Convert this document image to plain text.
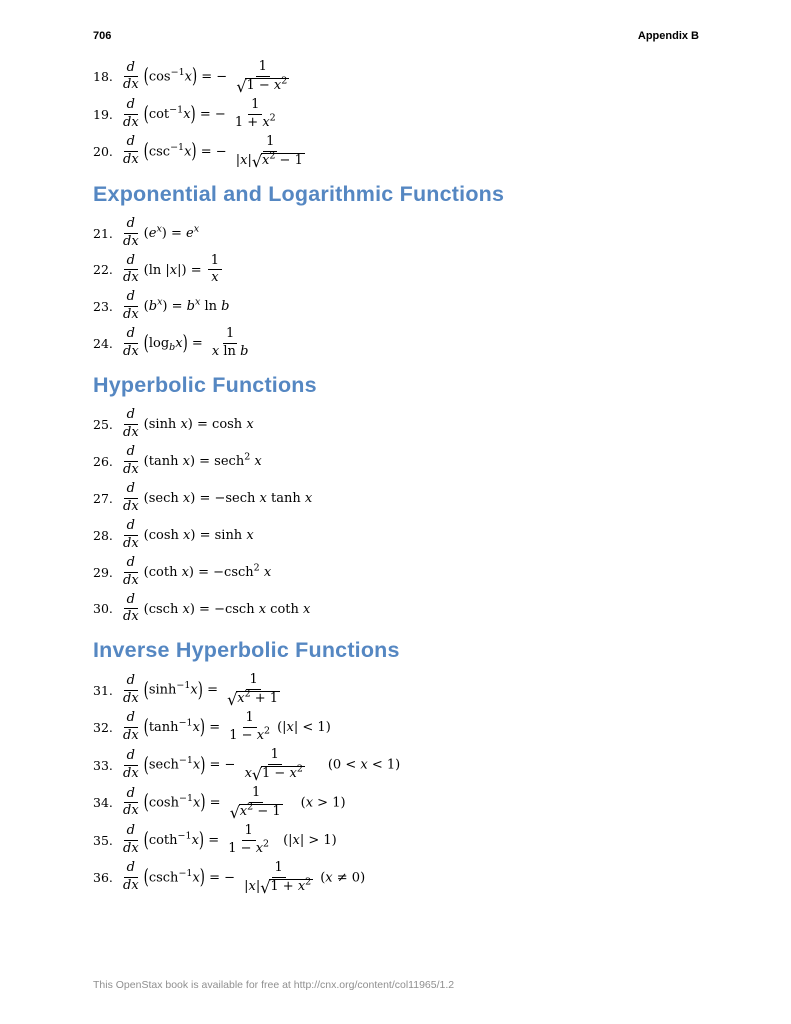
706	Appendix B
18. $\frac{d}{dx} (\cos^{-1}x)$ = − $\frac{1}{√1 - x^2}$
19. $\frac{d}{dx} (\cot^{-1}x)$ = − $\frac{1}{1 + x^2}$
20. $\frac{d}{dx} (\csc^{-1}x)$ = − $\frac{1}{|x|√x^2 - 1}$
Exponential and Logarithmic Functions
21. $\frac{d}{dx} (e^x) = e^x$
22. $\frac{d}{dx} (\ln$ $|x|) = \frac{1}{x}$
23. $\frac{d}{dx} (b^x) = b^x$ ln b
24. $\frac{d}{dx} (\log_bx) = \frac{1}{\text{x ln b}}$
Hyperbolic Functions
25. $\frac{d}{dx} (\sinh$ x) = cosh x
26. $\frac{d}{dx} (\tanh$ x) = sech$^2$ x
27. $\frac{d}{dx} (\sec h$ x) = −sech x tanh x
28. $\frac{d}{dx} (\cosh$ x) = sinh x
29. $\frac{d}{dx} (\cot h$ x) = −csch$^2$ x
30. $\frac{d}{dx} (\csc h$ x) = −csch x coth x
Inverse Hyperbolic Functions
31. $\frac{d}{dx} (\sinh^{-1}x) = \frac{1}{√x^2 + 1}$
32. $\frac{d}{dx} (\tanh^{-1}x) = \frac{1}{1 - x^2} (|x| < 1)$
33. $\frac{d}{dx} (\sec h^{-1}x)$ = − $\frac{1}{x√1 - x^2} (0 < x < 1)$
34. $\frac{d}{dx} (\cosh^{-1}x) = \frac{1}{√x^2 - 1} (x > 1)$
35. $\frac{d}{dx} (\cot h^{-1}x) = \frac{1}{1 - x^2} (|x| > 1)$
36. $\frac{d}{dx} (\csc h^{-1}x)$ = − $\frac{1}{|x|√1 + x^2} (x \ne 0)$
This OpenStax book is available for free at http://cnx.org/content/col11965/1.2
